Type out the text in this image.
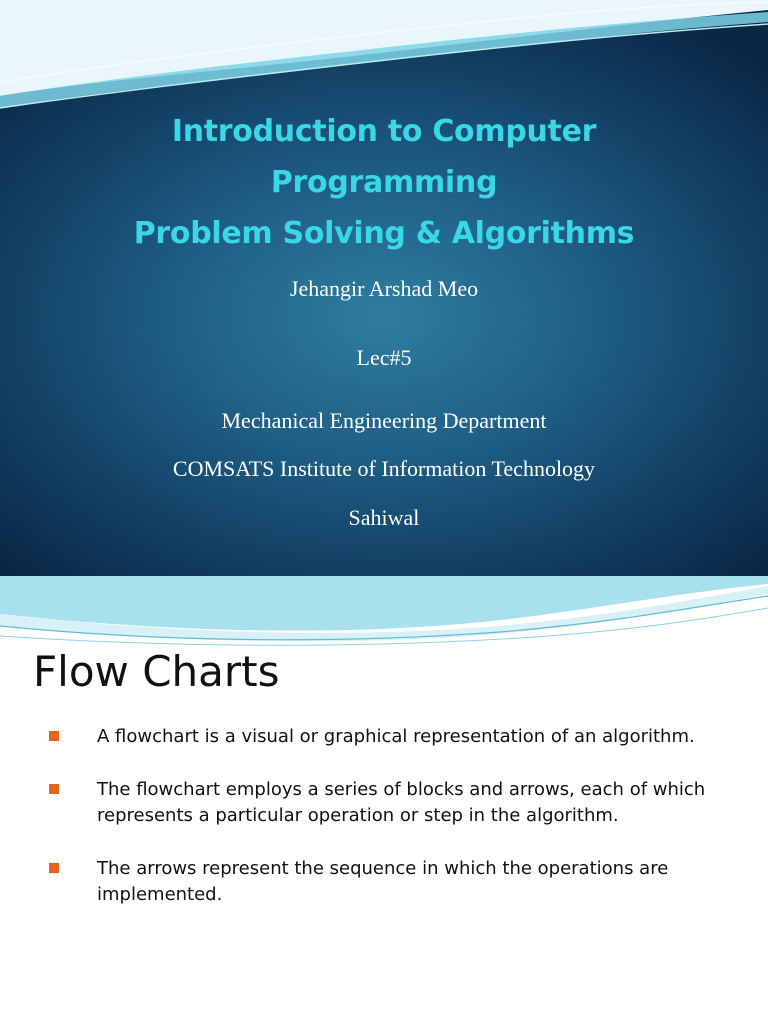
Introduction to Computer
Programming
Problem Solving & Algorithms
Jehangir Arshad Meo
Lec#5
Mechanical Engineering Department
COMSATS Institute of Information Technology
Sahiwal
Flow Charts
A flowchart is a visual or graphical representation of an algorithm.
The flowchart employs a series of blocks and arrows, each of which represents a particular operation or step in the algorithm.
The arrows represent the sequence in which the operations are implemented.
